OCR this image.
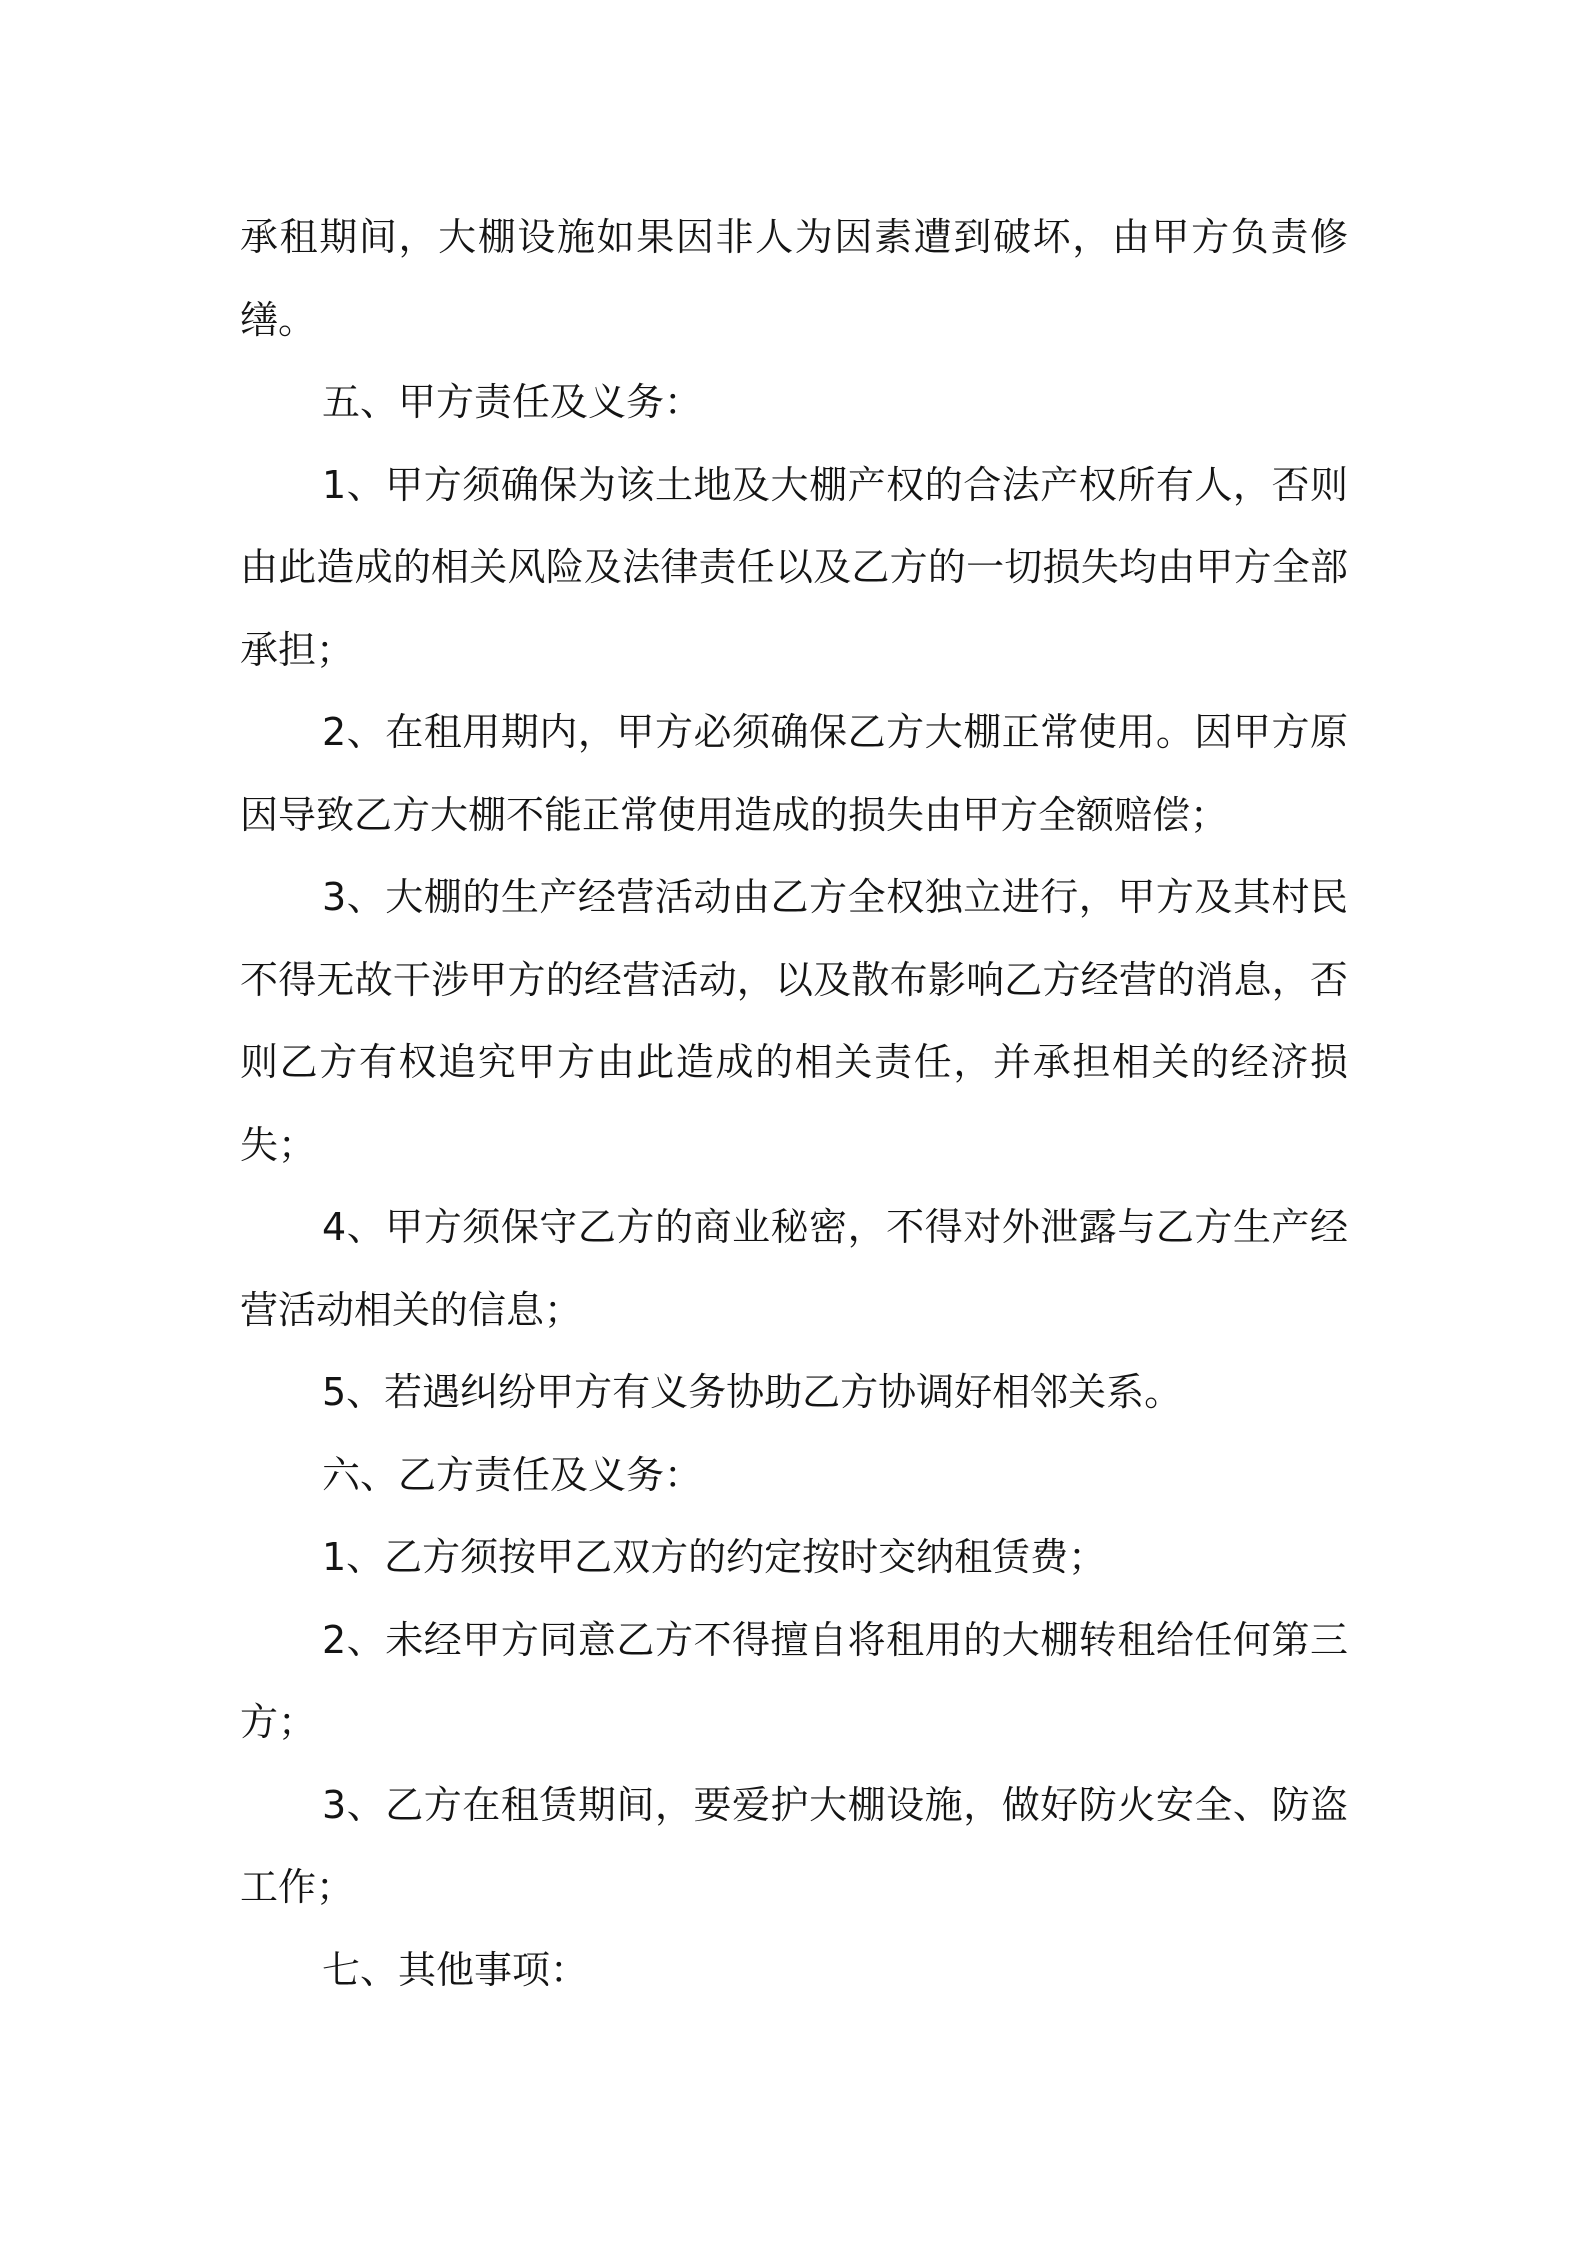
承租期间，大棚设施如果因非人为因素遭到破坏，由甲方负责修缮。

五、甲方责任及义务：

1、甲方须确保为该土地及大棚产权的合法产权所有人，否则由此造成的相关风险及法律责任以及乙方的一切损失均由甲方全部承担；

2、在租用期内，甲方必须确保乙方大棚正常使用。因甲方原因导致乙方大棚不能正常使用造成的损失由甲方全额赔偿；

3、大棚的生产经营活动由乙方全权独立进行，甲方及其村民不得无故干涉甲方的经营活动，以及散布影响乙方经营的消息，否则乙方有权追究甲方由此造成的相关责任，并承担相关的经济损失；

4、甲方须保守乙方的商业秘密，不得对外泄露与乙方生产经营活动相关的信息；

5、若遇纠纷甲方有义务协助乙方协调好相邻关系。

六、乙方责任及义务：

1、乙方须按甲乙双方的约定按时交纳租赁费；

2、未经甲方同意乙方不得擅自将租用的大棚转租给任何第三方；

3、乙方在租赁期间，要爱护大棚设施，做好防火安全、防盗工作；

七、其他事项：
